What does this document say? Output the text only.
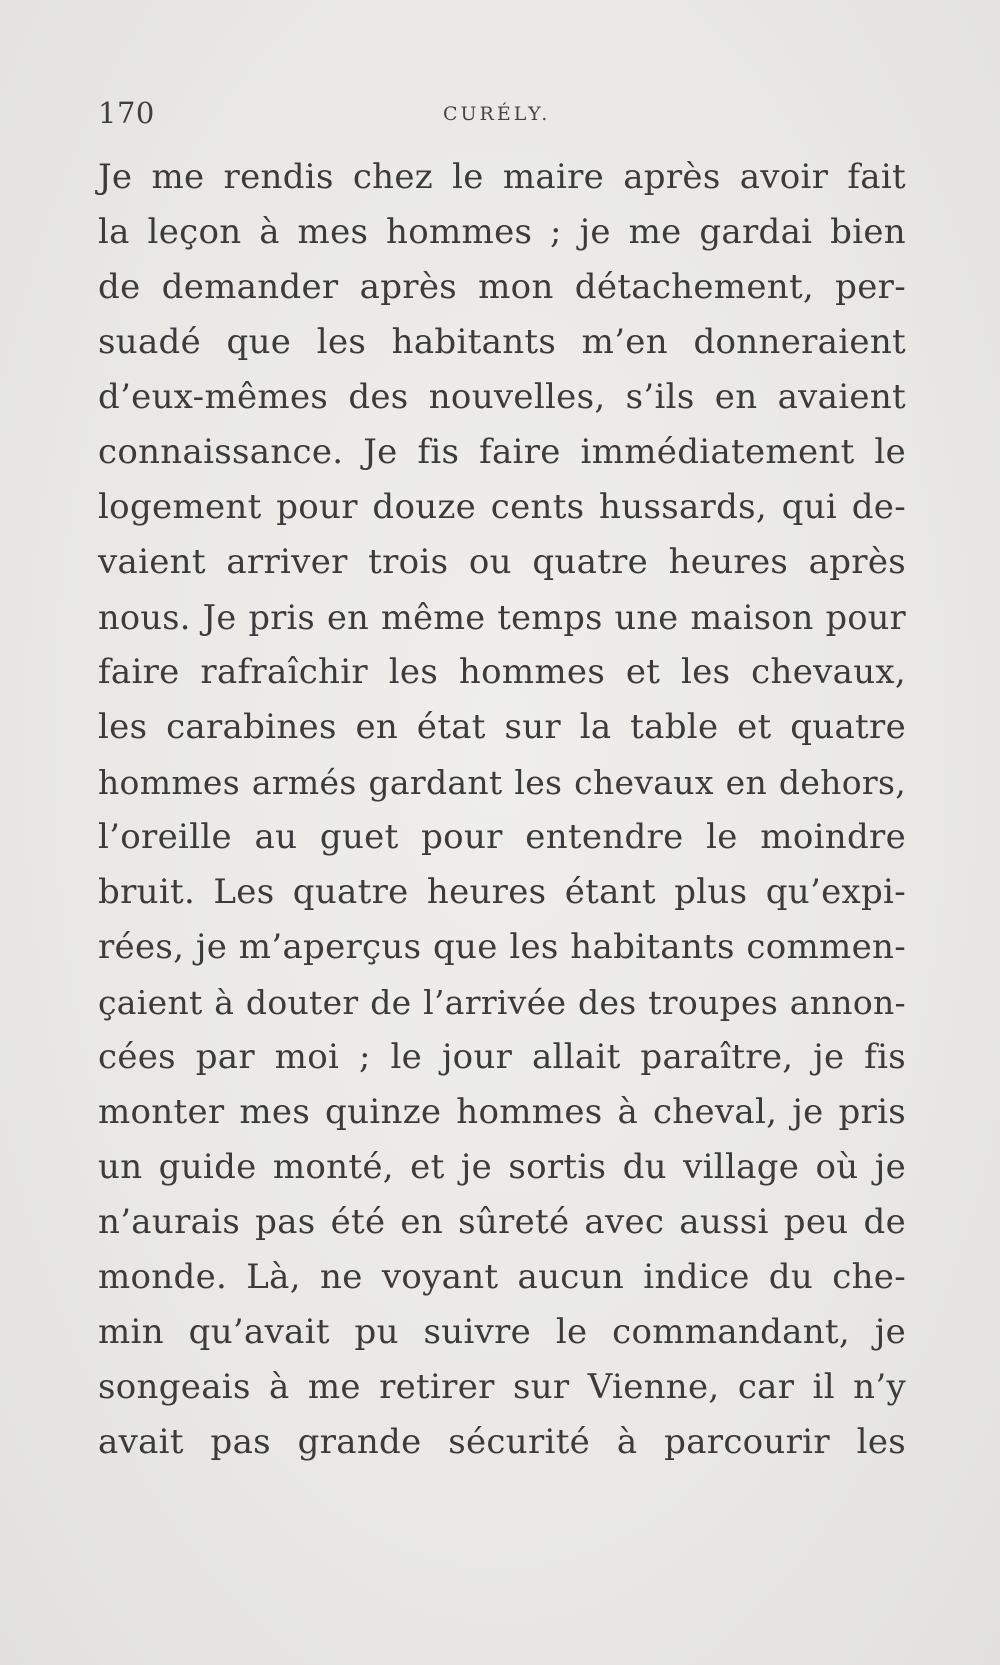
170	CURÉLY.
Je me rendis chez le maire après avoir fait
la leçon à mes hommes ; je me gardai bien
de demander après mon détachement, per-
suadé que les habitants m’en donneraient
d’eux-mêmes des nouvelles, s’ils en avaient
connaissance. Je fis faire immédiatement le
logement pour douze cents hussards, qui de-
vaient arriver trois ou quatre heures après
nous. Je pris en même temps une maison pour
faire rafraîchir les hommes et les chevaux,
les carabines en état sur la table et quatre
hommes armés gardant les chevaux en dehors,
l’oreille au guet pour entendre le moindre
bruit. Les quatre heures étant plus qu’expi-
rées, je m’aperçus que les habitants commen-
çaient à douter de l’arrivée des troupes annon-
cées par moi ; le jour allait paraître, je fis
monter mes quinze hommes à cheval, je pris
un guide monté, et je sortis du village où je
n’aurais pas été en sûreté avec aussi peu de
monde. Là, ne voyant aucun indice du che-
min qu’avait pu suivre le commandant, je
songeais à me retirer sur Vienne, car il n’y
avait pas grande sécurité à parcourir les
